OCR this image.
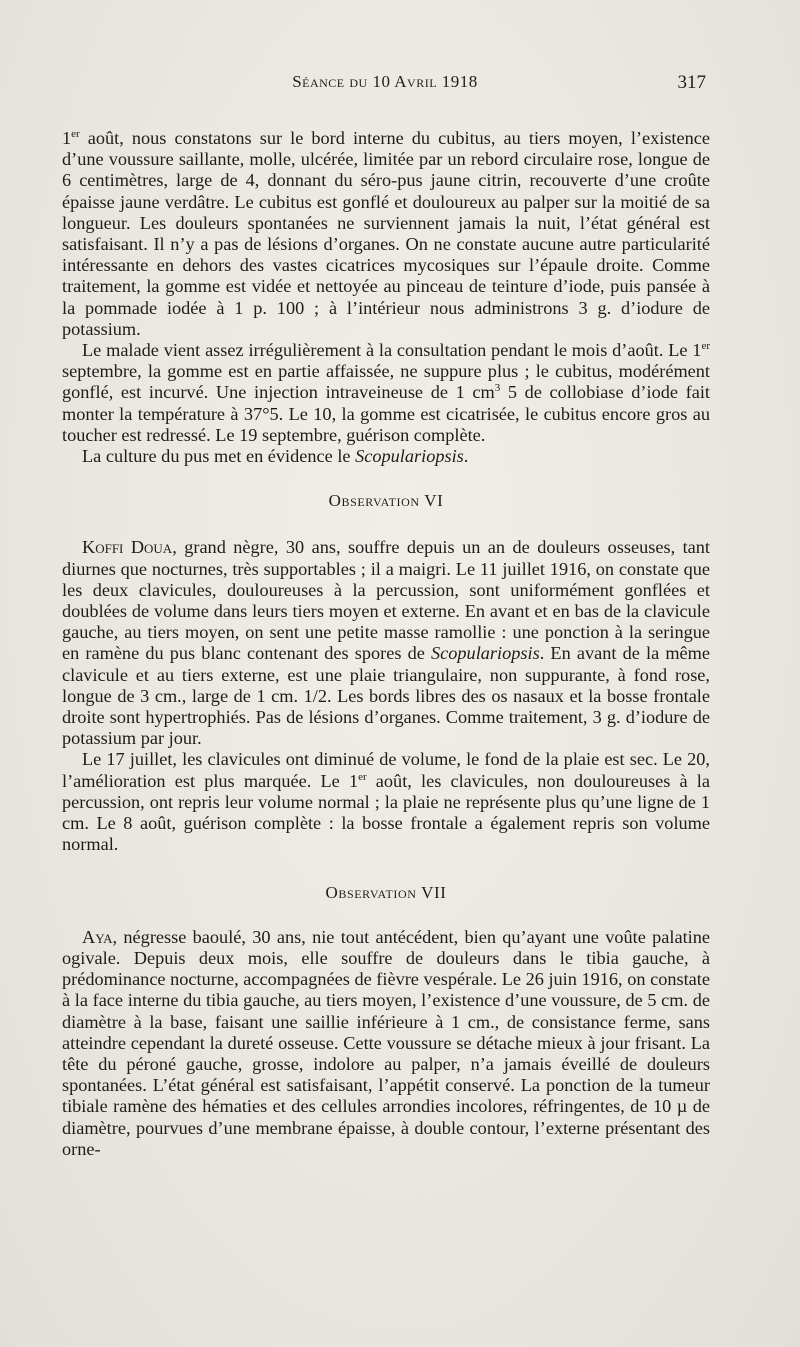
Séance du 10 Avril 1918	317

1er août, nous constatons sur le bord interne du cubitus, au tiers moyen, l’existence d’une voussure saillante, molle, ulcérée, limitée par un rebord circulaire rose, longue de 6 centimètres, large de 4, donnant du séro-pus jaune citrin, recouverte d’une croûte épaisse jaune verdâtre. Le cubitus est gonflé et douloureux au palper sur la moitié de sa longueur. Les douleurs spontanées ne surviennent jamais la nuit, l’état général est satisfaisant. Il n’y a pas de lésions d’organes. On ne constate aucune autre particularité intéressante en dehors des vastes cicatrices mycosiques sur l’épaule droite. Comme traitement, la gomme est vidée et nettoyée au pinceau de teinture d’iode, puis pansée à la pommade iodée à 1 p. 100 ; à l’intérieur nous administrons 3 g. d’iodure de potassium.

Le malade vient assez irrégulièrement à la consultation pendant le mois d’août. Le 1er septembre, la gomme est en partie affaissée, ne suppure plus ; le cubitus, modérément gonflé, est incurvé. Une injection intraveineuse de 1 $cm^3$ 5 de collobiase d’iode fait monter la température à 37°5. Le 10, la gomme est cicatrisée, le cubitus encore gros au toucher est redressé. Le 19 septembre, guérison complète.

La culture du pus met en évidence le Scopulariopsis.

Observation VI

Koffi Doua, grand nègre, 30 ans, souffre depuis un an de douleurs osseuses, tant diurnes que nocturnes, très supportables ; il a maigri. Le 11 juillet 1916, on constate que les deux clavicules, douloureuses à la percussion, sont uniformément gonflées et doublées de volume dans leurs tiers moyen et externe. En avant et en bas de la clavicule gauche, au tiers moyen, on sent une petite masse ramollie : une ponction à la seringue en ramène du pus blanc contenant des spores de Scopulariopsis. En avant de la même clavicule et au tiers externe, est une plaie triangulaire, non suppurante, à fond rose, longue de 3 cm., large de 1 cm. 1/2. Les bords libres des os nasaux et la bosse frontale droite sont hypertrophiés. Pas de lésions d’organes. Comme traitement, 3 g. d’iodure de potassium par jour.

Le 17 juillet, les clavicules ont diminué de volume, le fond de la plaie est sec. Le 20, l’amélioration est plus marquée. Le 1er août, les clavicules, non douloureuses à la percussion, ont repris leur volume normal ; la plaie ne représente plus qu’une ligne de 1 cm. Le 8 août, guérison complète : la bosse frontale a également repris son volume normal.

Observation VII

Aya, négresse baoulé, 30 ans, nie tout antécédent, bien qu’ayant une voûte palatine ogivale. Depuis deux mois, elle souffre de douleurs dans le tibia gauche, à prédominance nocturne, accompagnées de fièvre vespérale. Le 26 juin 1916, on constate à la face interne du tibia gauche, au tiers moyen, l’existence d’une voussure, de 5 cm. de diamètre à la base, faisant une saillie inférieure à 1 cm., de consistance ferme, sans atteindre cependant la dureté osseuse. Cette voussure se détache mieux à jour frisant. La tête du péroné gauche, grosse, indolore au palper, n’a jamais éveillé de douleurs spontanées. L’état général est satisfaisant, l’appétit conservé. La ponction de la tumeur tibiale ramène des hématies et des cellules arrondies incolores, réfringentes, de 10 µ de diamètre, pourvues d’une membrane épaisse, à double contour, l’externe présentant des orne-
